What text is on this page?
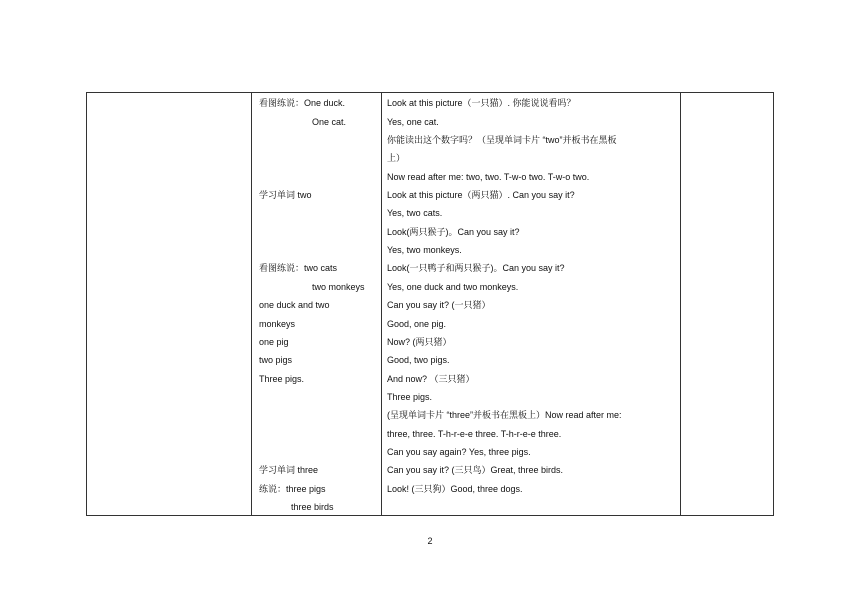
看图练说：One duck.
One cat.
学习单词 two
看图练说：two cats
two monkeys
one duck and two
monkeys
one pig
two pigs
Three pigs.
学习单词 three
练说：three pigs
three birds
Look at this picture（一只猫）. 你能说说看吗？
Yes, one cat.
你能读出这个数字吗？（呈现单词卡片 “two”并板书在黑板
上）
Now read after me: two, two. T-w-o two. T-w-o two.
Look at this picture（两只猫）. Can you say it?
Yes, two cats.
Look(两只猴子)。Can you say it?
Yes, two monkeys.
Look(一只鸭子和两只猴子)。Can you say it?
Yes, one duck and two monkeys.
Can you say it? (一只猪）
Good, one pig.
Now? (两只猪）
Good, two pigs.
And now? （三只猪）
Three pigs.
(呈现单词卡片 “three”并板书在黑板上）Now read after me:
three, three. T-h-r-e-e three. T-h-r-e-e three.
Can you say again? Yes, three pigs.
Can you say it? (三只鸟）Great, three birds.
Look! (三只狗）Good, three dogs.
2
